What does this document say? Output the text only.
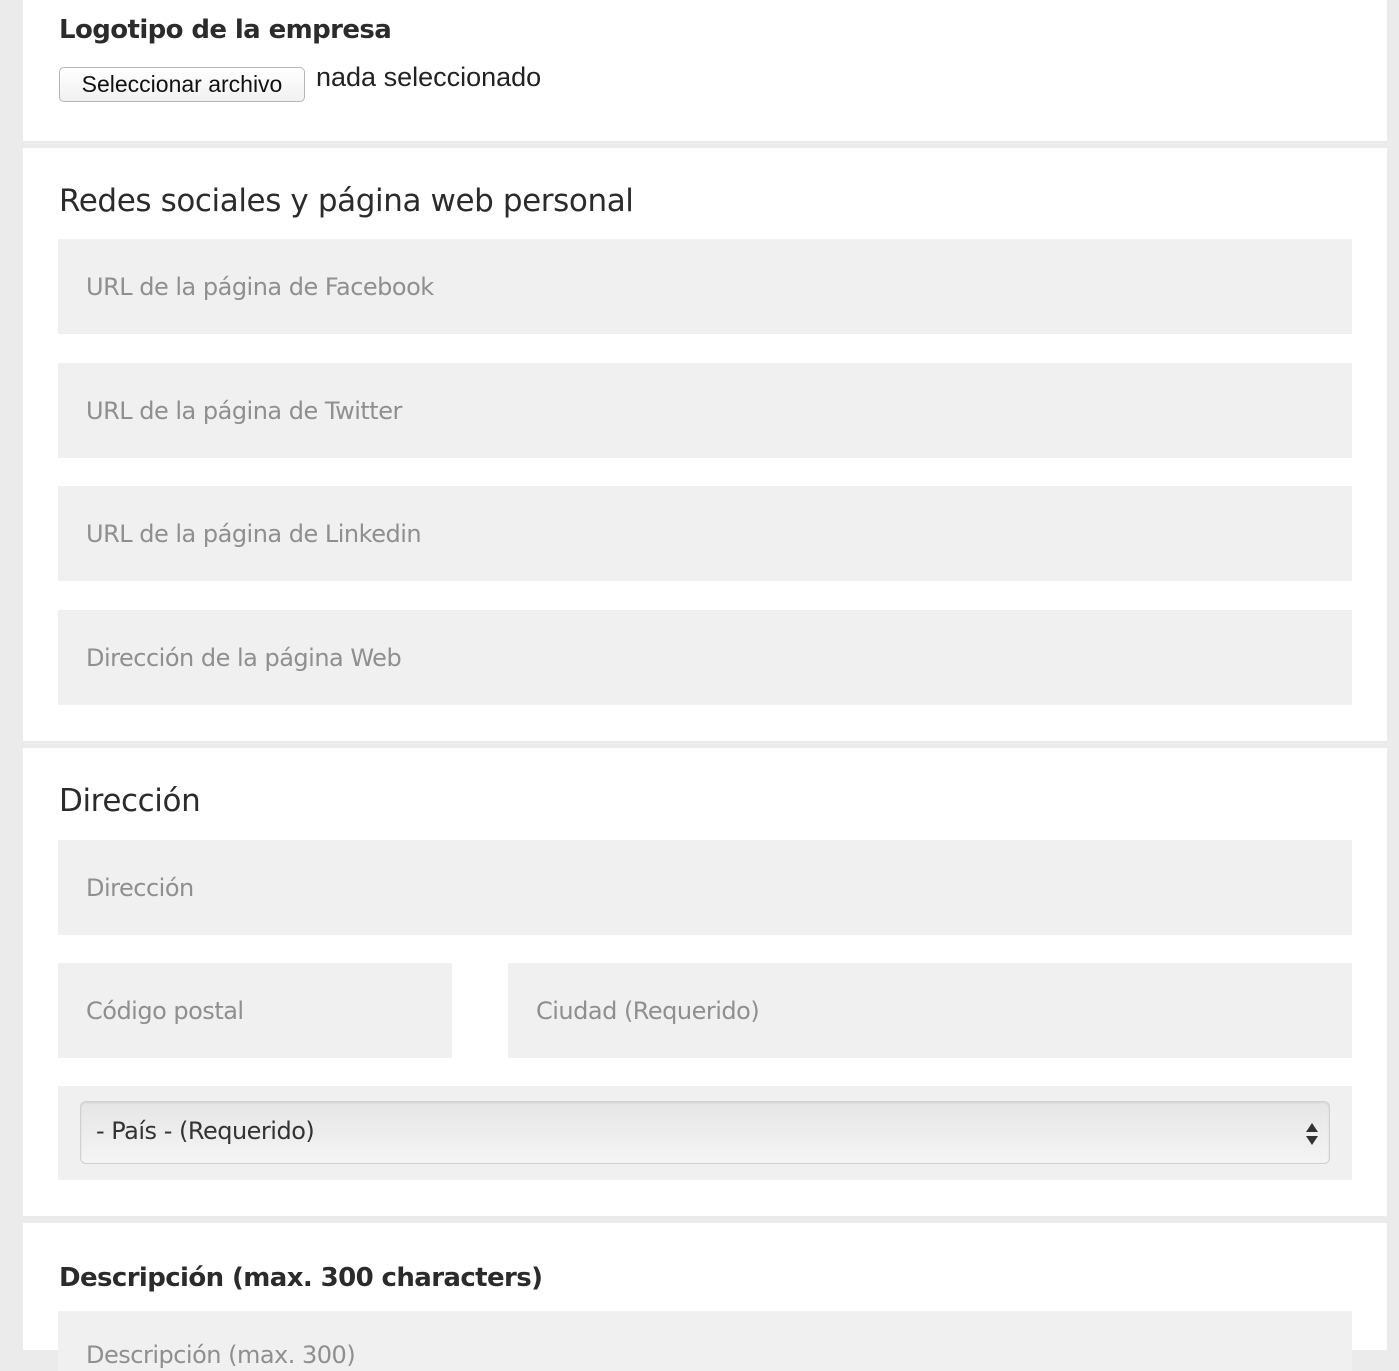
Logotipo de la empresa
Seleccionar archivo	nada seleccionado
Redes sociales y página web personal
URL de la página de Facebook
URL de la página de Twitter
URL de la página de Linkedin
Dirección de la página Web
Dirección
Dirección
Código postal
Ciudad (Requerido)
- País - (Requerido)
Descripción (max. 300 characters)
Descripción (max. 300)
